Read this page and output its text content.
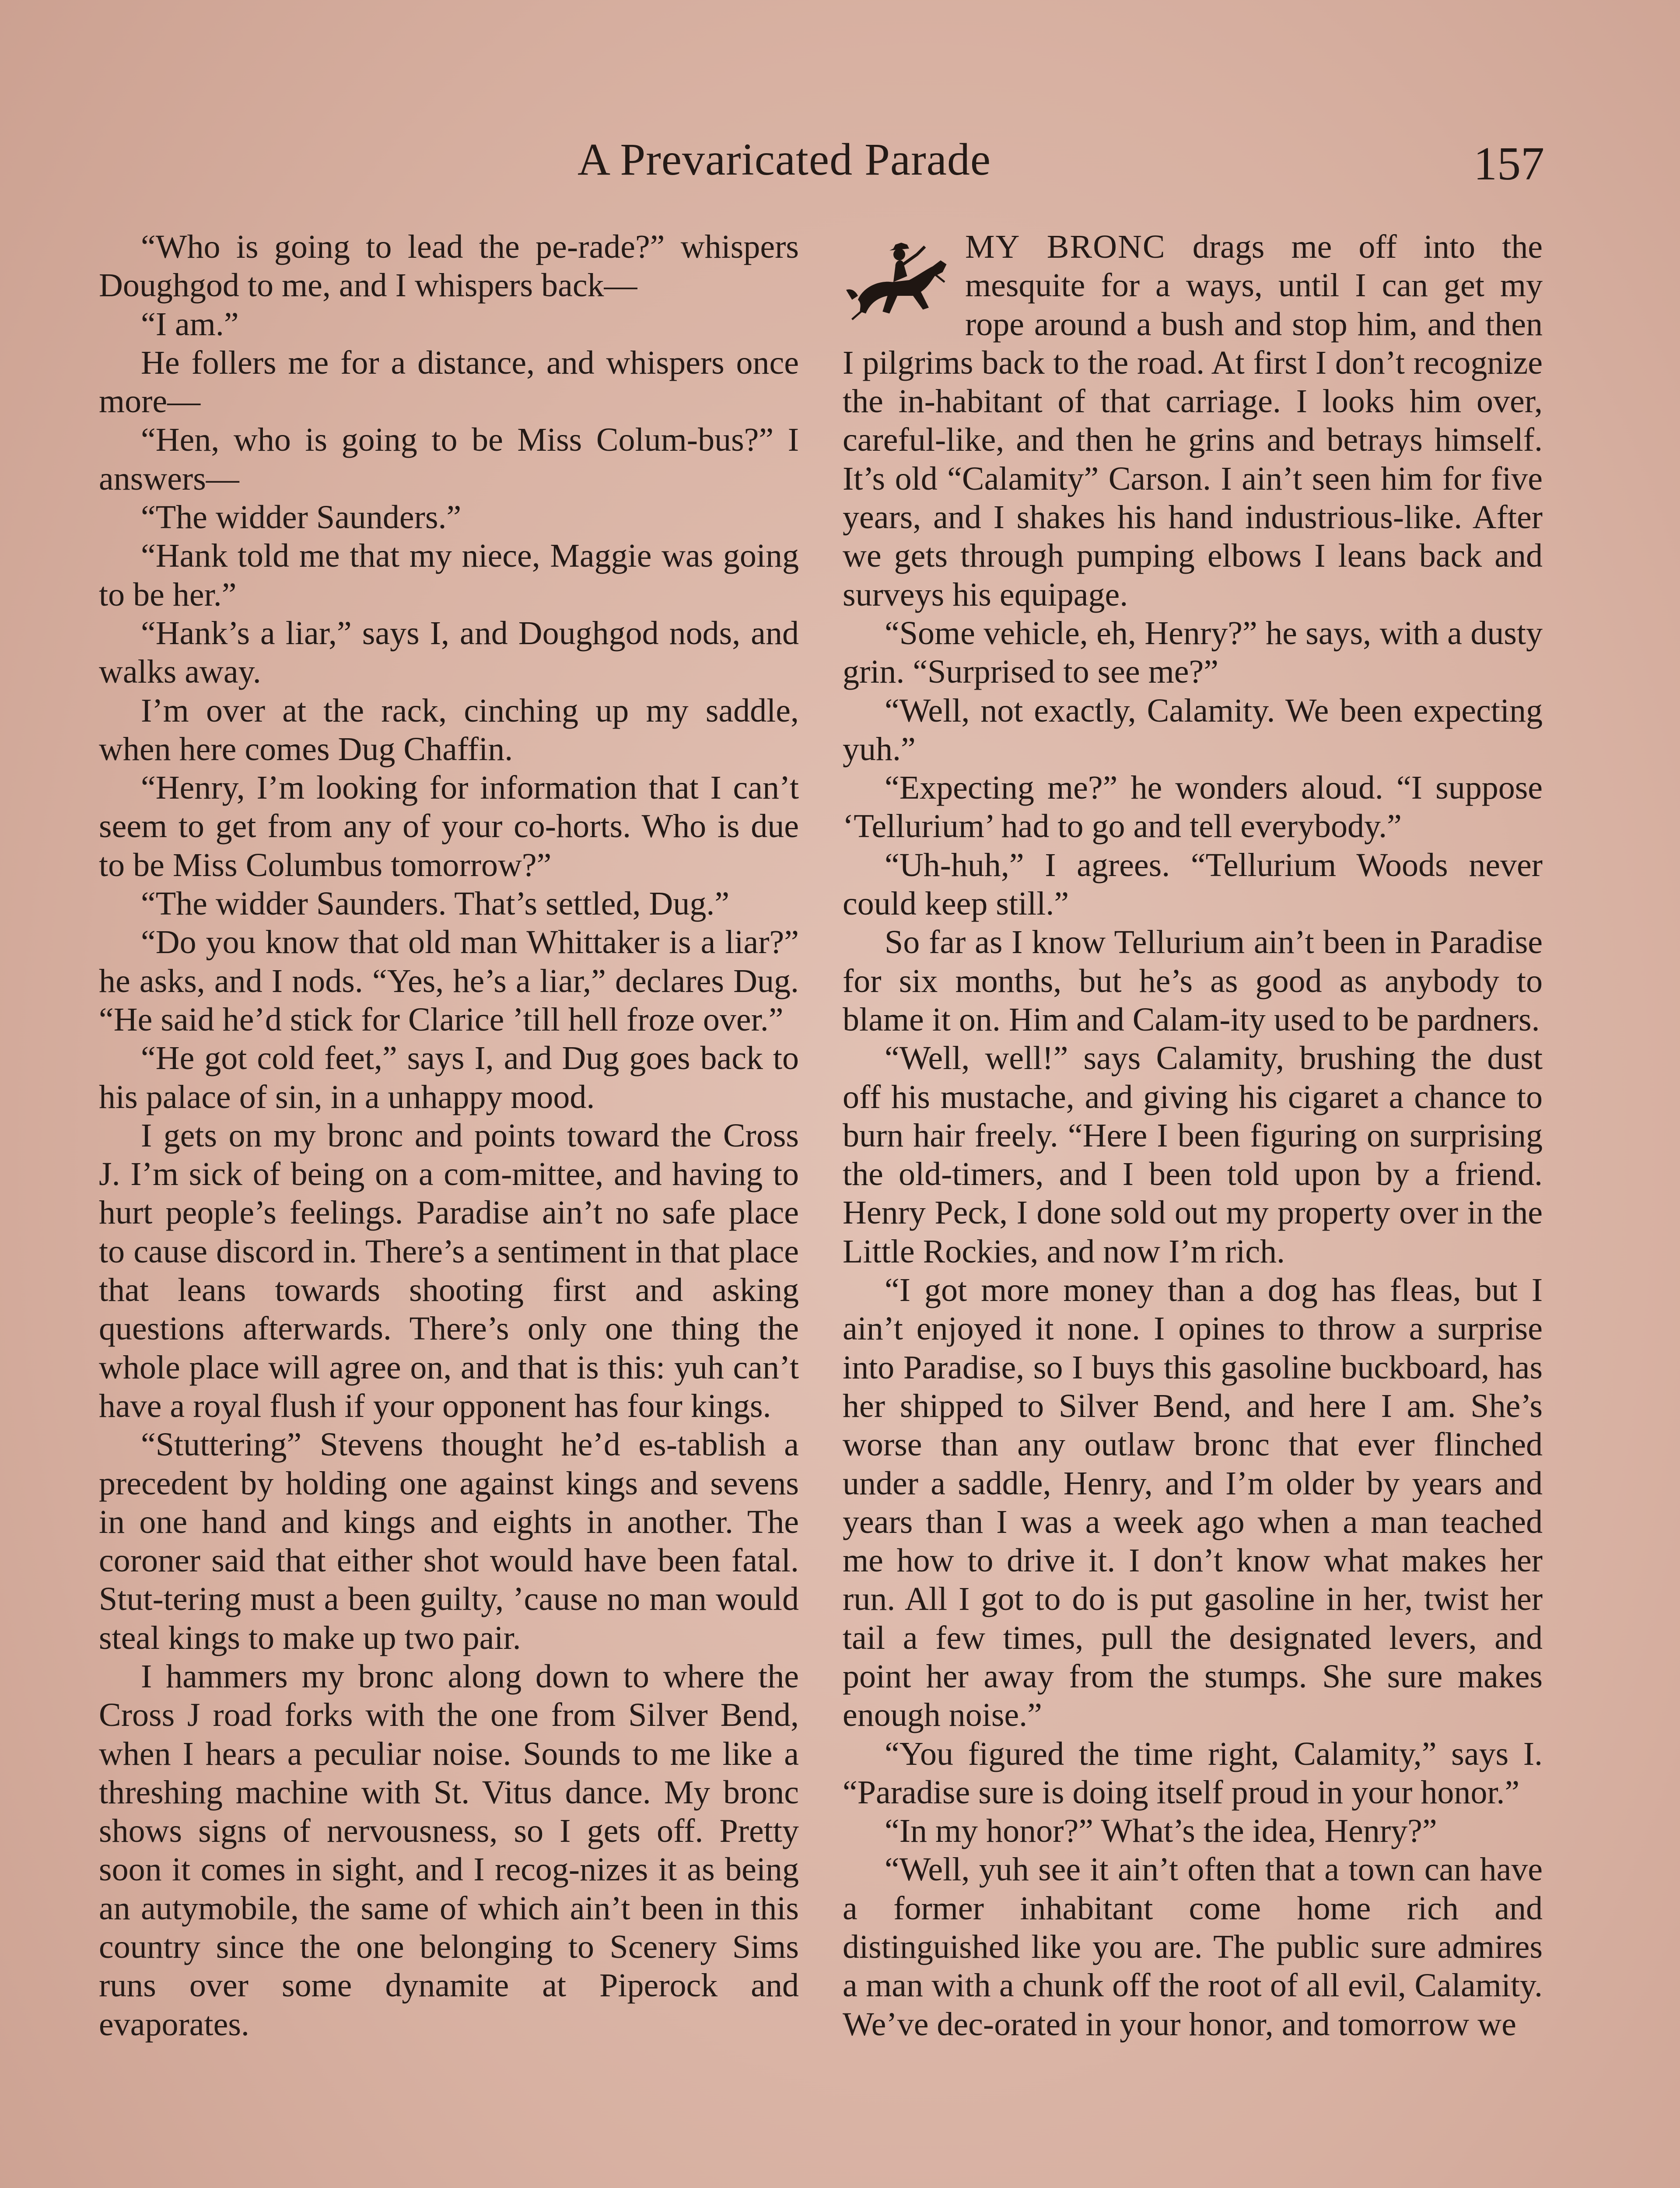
A Prevaricated Parade	157

“Who is going to lead the pe-rade?” whispers Doughgod to me, and I whispers back—

“I am.”

He follers me for a distance, and whispers once more—

“Hen, who is going to be Miss Colum-bus?” I answers—

“The widder Saunders.”

“Hank told me that my niece, Maggie was going to be her.”

“Hank’s a liar,” says I, and Doughgod nods, and walks away.

I’m over at the rack, cinching up my saddle, when here comes Dug Chaffin.

“Henry, I’m looking for information that I can’t seem to get from any of your co-horts. Who is due to be Miss Columbus tomorrow?”

“The widder Saunders. That’s settled, Dug.”

“Do you know that old man Whittaker is a liar?” he asks, and I nods. “Yes, he’s a liar,” declares Dug. “He said he’d stick for Clarice ’till hell froze over.”

“He got cold feet,” says I, and Dug goes back to his palace of sin, in a unhappy mood.

I gets on my bronc and points toward the Cross J. I’m sick of being on a com-mittee, and having to hurt people’s feelings. Paradise ain’t no safe place to cause discord in. There’s a sentiment in that place that leans towards shooting first and asking questions afterwards. There’s only one thing the whole place will agree on, and that is this: yuh can’t have a royal flush if your opponent has four kings.

“Stuttering” Stevens thought he’d es-tablish a precedent by holding one against kings and sevens in one hand and kings and eights in another. The coroner said that either shot would have been fatal. Stut-tering must a been guilty, ’cause no man would steal kings to make up two pair.

I hammers my bronc along down to where the Cross J road forks with the one from Silver Bend, when I hears a peculiar noise. Sounds to me like a threshing machine with St. Vitus dance. My bronc shows signs of nervousness, so I gets off. Pretty soon it comes in sight, and I recog-nizes it as being an autymobile, the same of which ain’t been in this country since the one belonging to Scenery Sims runs over some dynamite at Piperock and evaporates.

MY BRONC drags me off into the mesquite for a ways, until I can get my rope around a bush and stop him, and then I pilgrims back to the road. At first I don’t recognize the in-habitant of that carriage. I looks him over, careful-like, and then he grins and betrays himself. It’s old “Calamity” Carson. I ain’t seen him for five years, and I shakes his hand industrious-like. After we gets through pumping elbows I leans back and surveys his equipage.

“Some vehicle, eh, Henry?” he says, with a dusty grin. “Surprised to see me?”

“Well, not exactly, Calamity. We been expecting yuh.”

“Expecting me?” he wonders aloud. “I suppose ‘Tellurium’ had to go and tell everybody.”

“Uh-huh,” I agrees. “Tellurium Woods never could keep still.”

So far as I know Tellurium ain’t been in Paradise for six months, but he’s as good as anybody to blame it on. Him and Calam-ity used to be pardners.

“Well, well!” says Calamity, brushing the dust off his mustache, and giving his cigaret a chance to burn hair freely. “Here I been figuring on surprising the old-timers, and I been told upon by a friend. Henry Peck, I done sold out my property over in the Little Rockies, and now I’m rich.

“I got more money than a dog has fleas, but I ain’t enjoyed it none. I opines to throw a surprise into Paradise, so I buys this gasoline buckboard, has her shipped to Silver Bend, and here I am. She’s worse than any outlaw bronc that ever flinched under a saddle, Henry, and I’m older by years and years than I was a week ago when a man teached me how to drive it. I don’t know what makes her run. All I got to do is put gasoline in her, twist her tail a few times, pull the designated levers, and point her away from the stumps. She sure makes enough noise.”

“You figured the time right, Calamity,” says I. “Paradise sure is doing itself proud in your honor.”

“In my honor?” What’s the idea, Henry?”

“Well, yuh see it ain’t often that a town can have a former inhabitant come home rich and distinguished like you are. The public sure admires a man with a chunk off the root of all evil, Calamity. We’ve dec-orated in your honor, and tomorrow we
